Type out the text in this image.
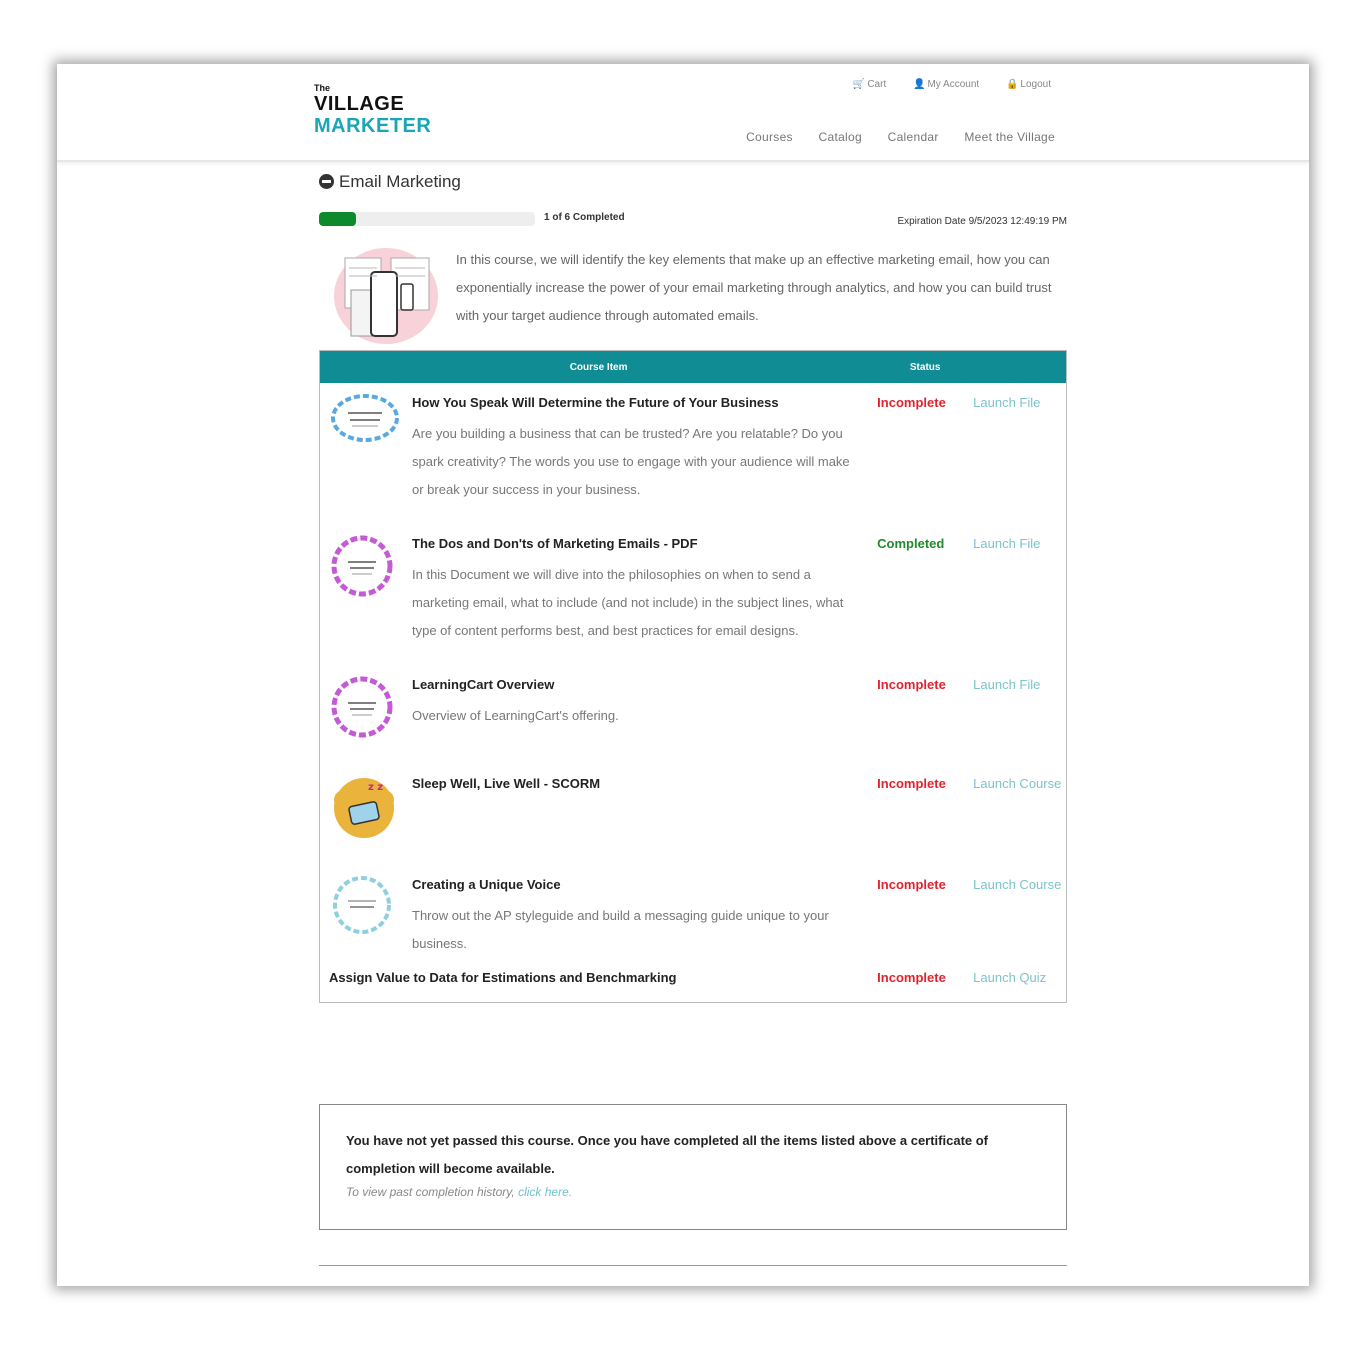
The
VILLAGE
MARKETER
🛒 Cart	👤 My Account	🔒 Logout
Courses Catalog Calendar Meet the Village
Email Marketing
1 of 6 Completed	Expiration Date 9/5/2023 12:49:19 PM
In this course, we will identify the key elements that make up an effective marketing email, how you can exponentially increase the power of your email marketing through analytics, and how you can build trust with your target audience through automated emails.
Course Item		Status	

How You Speak Will Determine the Future of Your Business
Are you building a business that can be trusted? Are you relatable? Do you spark creativity? The words you use to engage with your audience will make or break your success in your business.	Incomplete	Launch File

The Dos and Don'ts of Marketing Emails - PDF
In this Document we will dive into the philosophies on when to send a marketing email, what to include (and not include) in the subject lines, what type of content performs best, and best practices for email designs.	Completed	Launch File

LearningCart Overview
Overview of LearningCart's offering.	Incomplete	Launch File

z z	Sleep Well, Live Well - SCORM	Incomplete	Launch Course

Creating a Unique Voice
Throw out the AP styleguide and build a messaging guide unique to your business.	Incomplete	Launch Course

Assign Value to Data for Estimations and Benchmarking		Incomplete	Launch Quiz
You have not yet passed this course. Once you have completed all the items listed above a certificate of completion will become available.
To view past completion history, click here.
